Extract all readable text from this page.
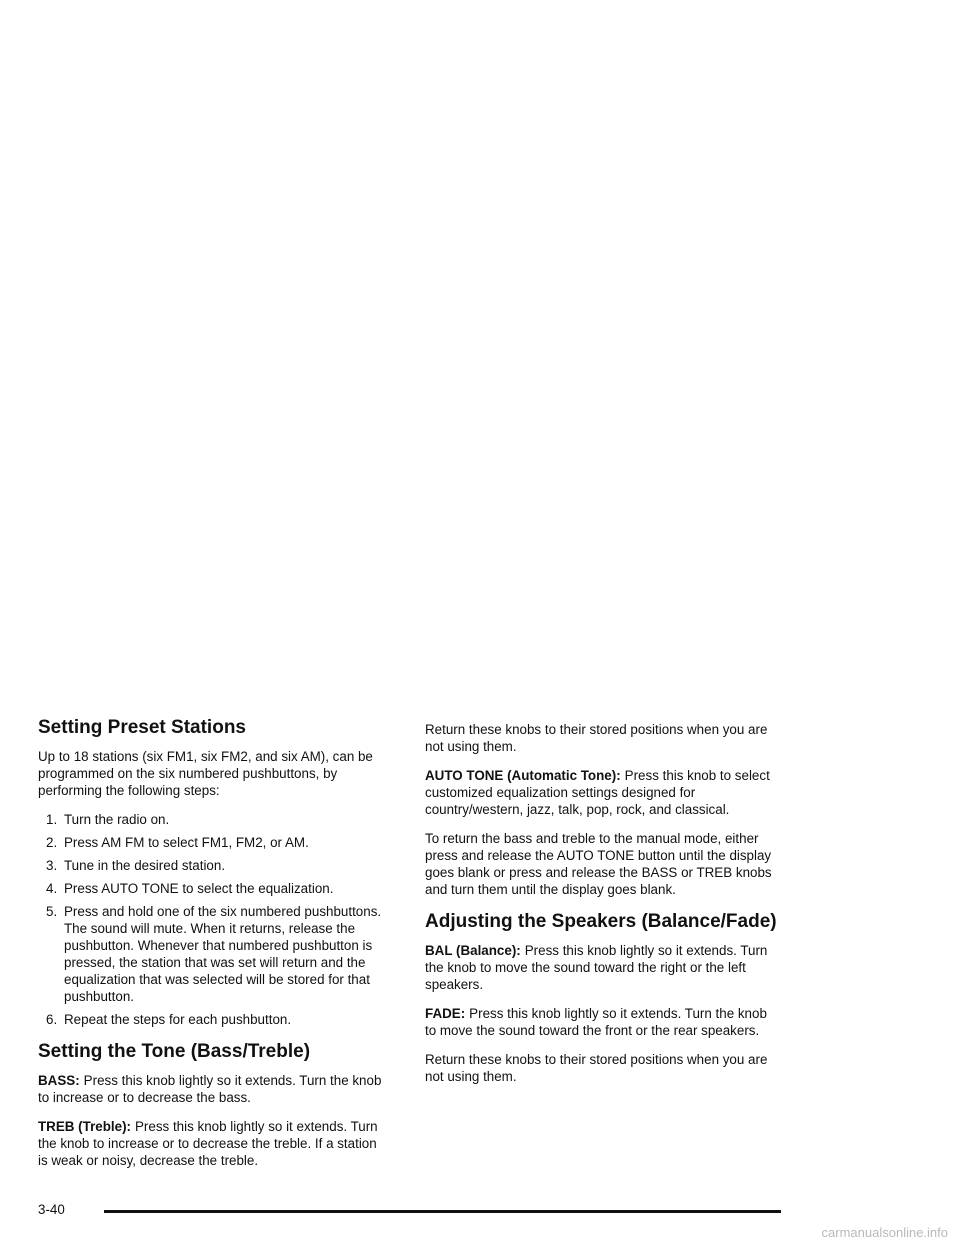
Setting Preset Stations

Up to 18 stations (six FM1, six FM2, and six AM), can be programmed on the six numbered pushbuttons, by performing the following steps:

1. Turn the radio on.
2. Press AM FM to select FM1, FM2, or AM.
3. Tune in the desired station.
4. Press AUTO TONE to select the equalization.
5. Press and hold one of the six numbered pushbuttons. The sound will mute. When it returns, release the pushbutton. Whenever that numbered pushbutton is pressed, the station that was set will return and the equalization that was selected will be stored for that pushbutton.
6. Repeat the steps for each pushbutton.
Setting the Tone (Bass/Treble)

BASS: Press this knob lightly so it extends. Turn the knob to increase or to decrease the bass.

TREB (Treble): Press this knob lightly so it extends. Turn the knob to increase or to decrease the treble. If a station is weak or noisy, decrease the treble.

Return these knobs to their stored positions when you are not using them.

AUTO TONE (Automatic Tone): Press this knob to select customized equalization settings designed for country/western, jazz, talk, pop, rock, and classical.

To return the bass and treble to the manual mode, either press and release the AUTO TONE button until the display goes blank or press and release the BASS or TREB knobs and turn them until the display goes blank.

Adjusting the Speakers (Balance/Fade)

BAL (Balance): Press this knob lightly so it extends. Turn the knob to move the sound toward the right or the left speakers.

FADE: Press this knob lightly so it extends. Turn the knob to move the sound toward the front or the rear speakers.

Return these knobs to their stored positions when you are not using them.

3-40
carmanualsonline.info
